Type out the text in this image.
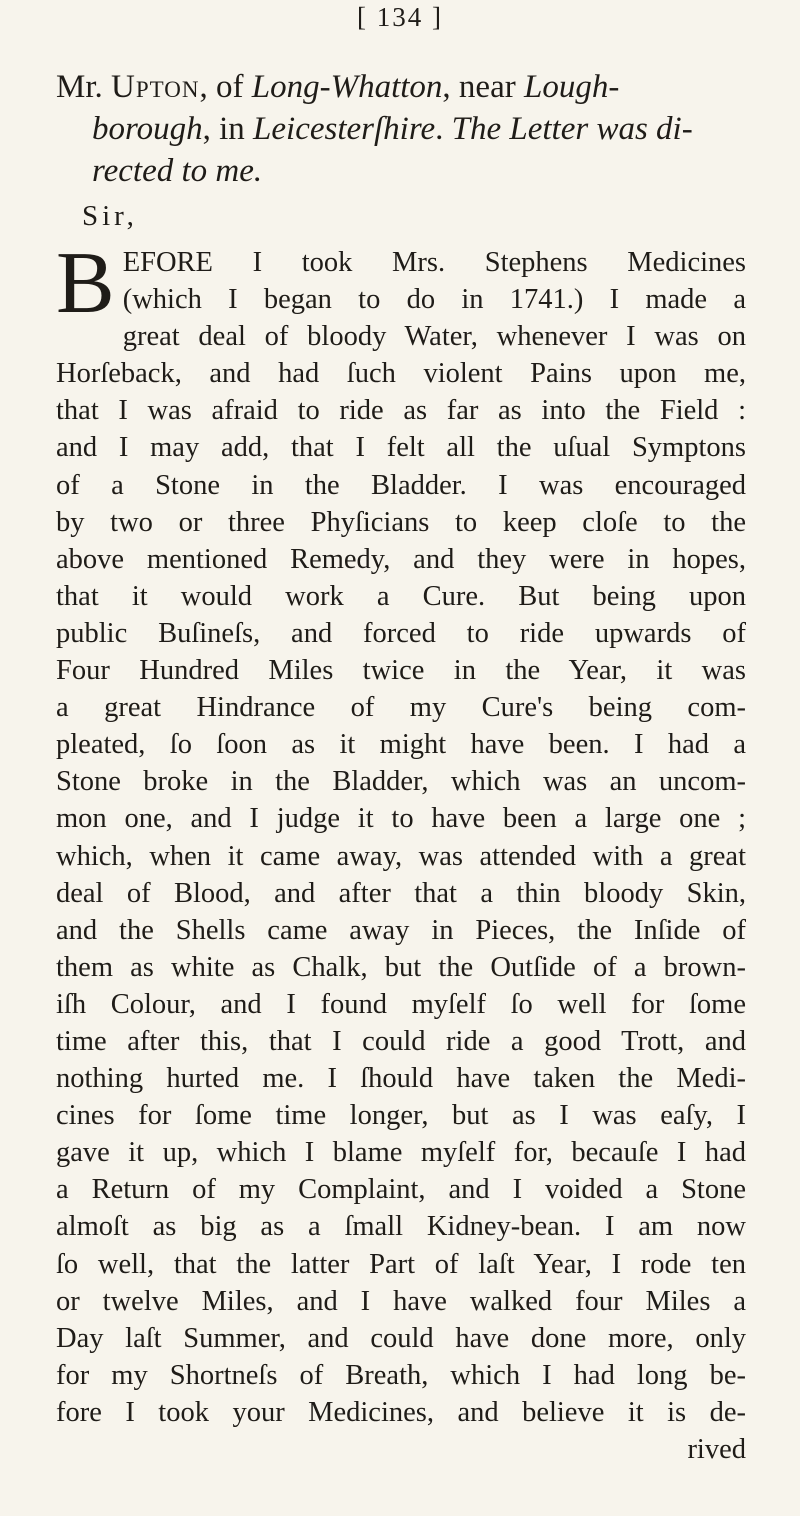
[ 134 ]
Mr. Upton, of Long-Whatton, near Lough-

borough, in Leicesterſhire. The Letter was di-
rected to me.
Sir,
B EFORE I took Mrs. Stephens Medicines
(which I began to do in 1741.) I made a
great deal of bloody Water, whenever I was on
Horſeback, and had ſuch violent Pains upon me,
that I was afraid to ride as far as into the Field :
and I may add, that I felt all the uſual Symptons
of a Stone in the Bladder. I was encouraged
by two or three Phyſicians to keep cloſe to the
above mentioned Remedy, and they were in hopes,
that it would work a Cure. But being upon
public Buſineſs, and forced to ride upwards of
Four Hundred Miles twice in the Year, it was
a great Hindrance of my Cure's being com-
pleated, ſo ſoon as it might have been. I had a
Stone broke in the Bladder, which was an uncom-
mon one, and I judge it to have been a large one ;
which, when it came away, was attended with a great
deal of Blood, and after that a thin bloody Skin,
and the Shells came away in Pieces, the Inſide of
them as white as Chalk, but the Outſide of a brown-
iſh Colour, and I found myſelf ſo well for ſome
time after this, that I could ride a good Trott, and
nothing hurted me. I ſhould have taken the Medi-
cines for ſome time longer, but as I was eaſy, I
gave it up, which I blame myſelf for, becauſe I had
a Return of my Complaint, and I voided a Stone
almoſt as big as a ſmall Kidney-bean. I am now
ſo well, that the latter Part of laſt Year, I rode ten
or twelve Miles, and I have walked four Miles a
Day laſt Summer, and could have done more, only
for my Shortneſs of Breath, which I had long be-
fore I took your Medicines, and believe it is de-
rived
